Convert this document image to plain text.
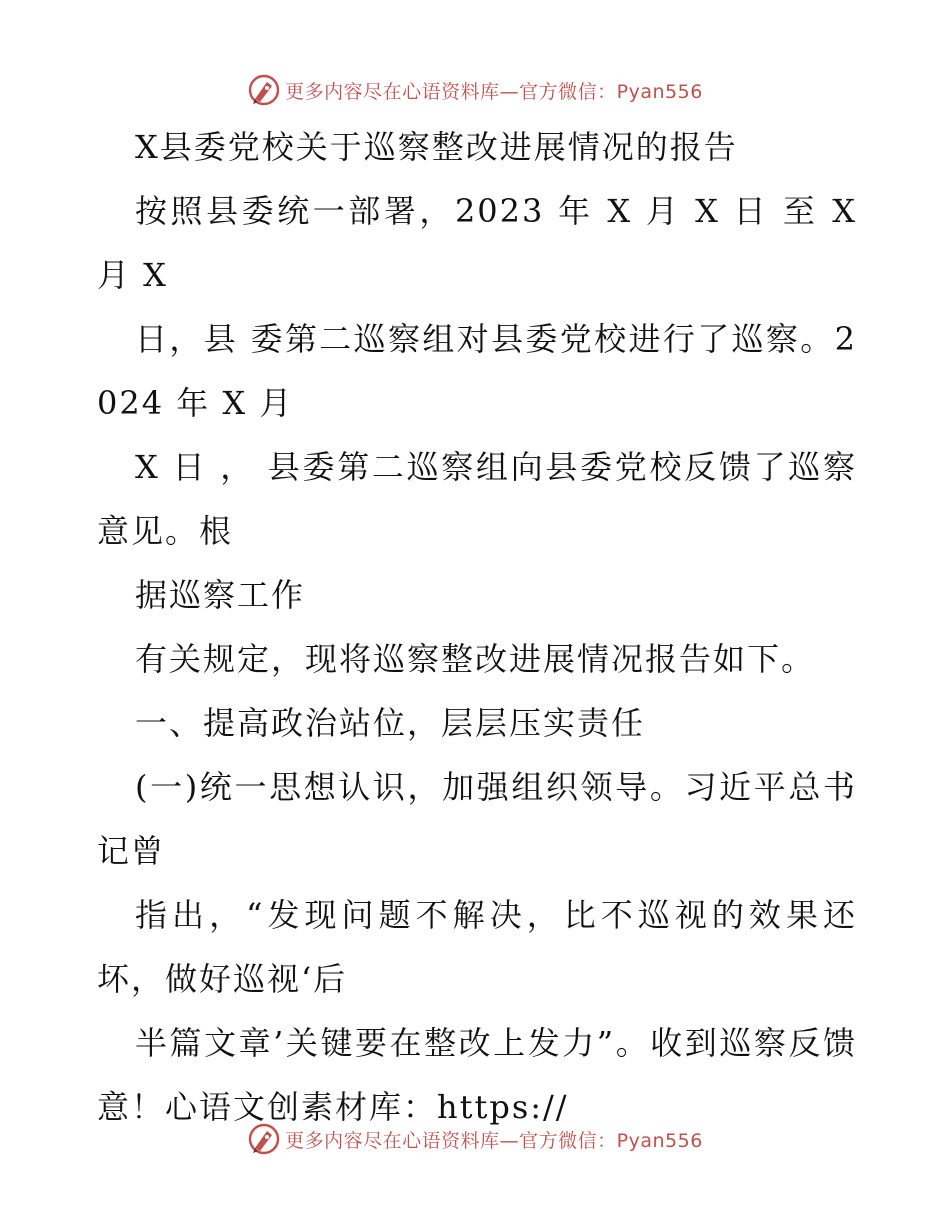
更多内容尽在心语资料库—官方微信：Pyan556

X县委党校关于巡察整改进展情况的报告

按照县委统一部署，2023 年 X 月 X 日 至 X 月 X

日，县 委第二巡察组对县委党校进行了巡察。2024 年 X 月

X 日 ， 县委第二巡察组向县委党校反馈了巡察意见。根

据巡察工作

有关规定，现将巡察整改进展情况报告如下。

一、提高政治站位，层层压实责任

(一)统一思想认识，加强组织领导。习近平总书记曾

指出，“发现问题不解决，比不巡视的效果还坏，做好巡视‘后

半篇文章’关键要在整改上发力”。收到巡察反馈意！心语文创素材库：https://

更多内容尽在心语资料库—官方微信：Pyan556
